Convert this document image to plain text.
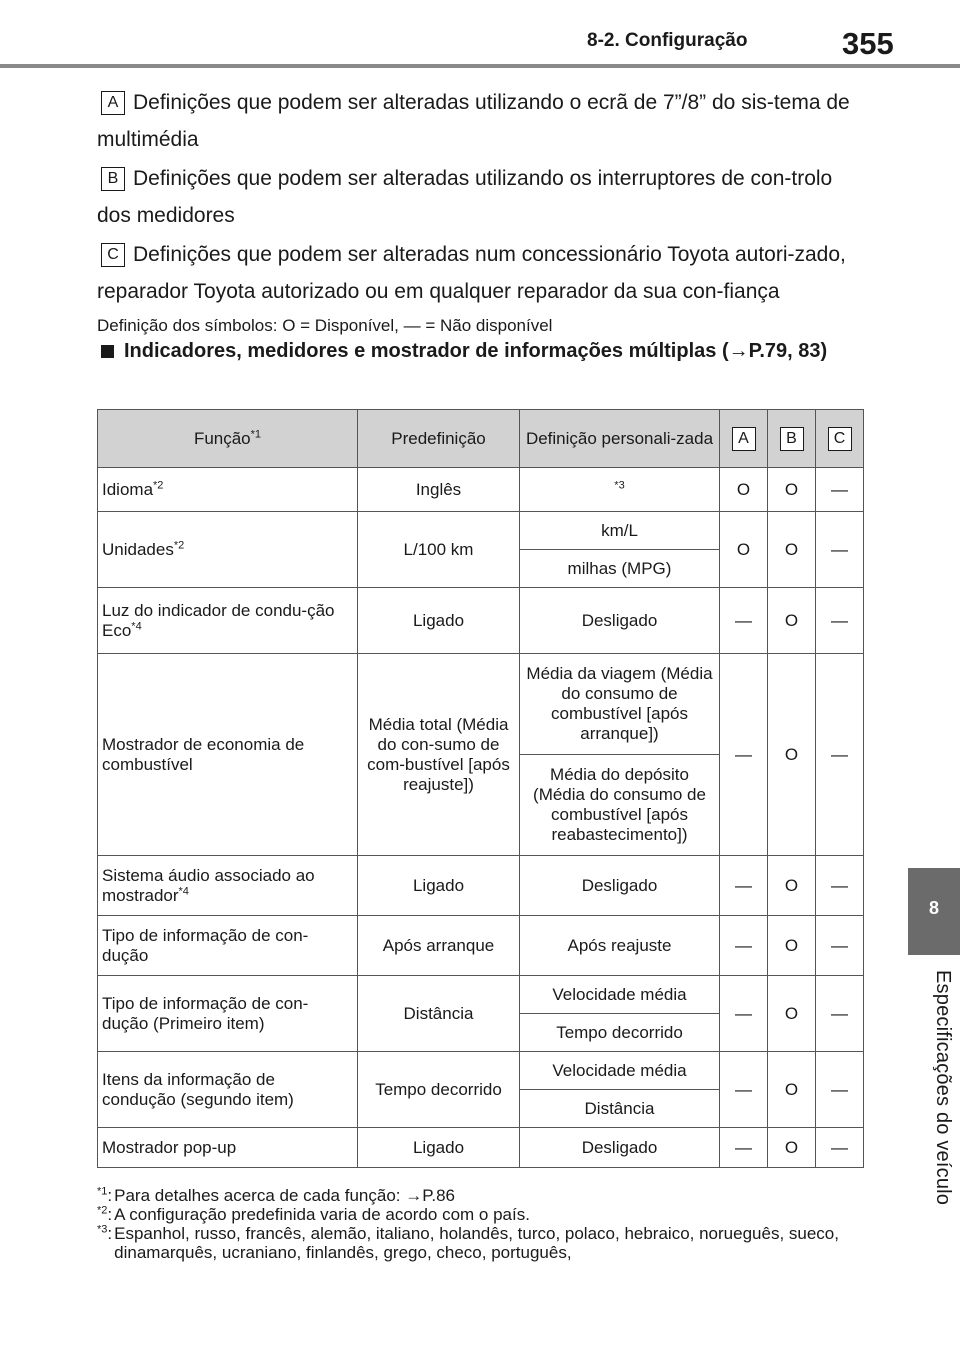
8-2. Configuração	355
8
Especificações do veículo

A Definições que podem ser alteradas utilizando o ecrã de 7”/8” do sis-tema de multimédia

B Definições que podem ser alteradas utilizando os interruptores de con-trolo dos medidores

C Definições que podem ser alteradas num concessionário Toyota autori-zado, reparador Toyota autorizado ou em qualquer reparador da sua con-fiança

Definição dos símbolos: O = Disponível, — = Não disponível
Indicadores, medidores e mostrador de informações múltiplas (→P.79, 83)
Função$^{*1}$	Predefinição	Definição personali-zada	A	B	C
Idioma$^{*2}$	Inglês	$^{*3}$	O	O	—
Unidades$^{*2}$	L/100 km	km/L	O	O	—
		milhas (MPG)			
Luz do indicador de condu-ção Eco$^{*4}$	Ligado	Desligado	—	O	—
Mostrador de economia de combustível	Média total (Média do con-sumo de com-bustível [após reajuste])	Média da viagem (Média do consumo de combustível [após arranque])	—	O	—
		Média do depósito (Média do consumo de combustível [após reabastecimento])			
Sistema áudio associado ao mostrador$^{*4}$	Ligado	Desligado	—	O	—
Tipo de informação de con-dução	Após arranque	Após reajuste	—	O	—
Tipo de informação de con-dução (Primeiro item)	Distância	Velocidade média	—	O	—
		Tempo decorrido			
Itens da informação de condução (segundo item)	Tempo decorrido	Velocidade média	—	O	—
		Distância			
Mostrador pop-up	Ligado	Desligado	—	O	—
$^{*1}$: Para detalhes acerca de cada função: →P.86
$^{*2}$: A configuração predefinida varia de acordo com o país.
$^{*3}$: Espanhol, russo, francês, alemão, italiano, holandês, turco, polaco, hebraico, norueguês, sueco, dinamarquês, ucraniano, finlandês, grego, checo, português,
